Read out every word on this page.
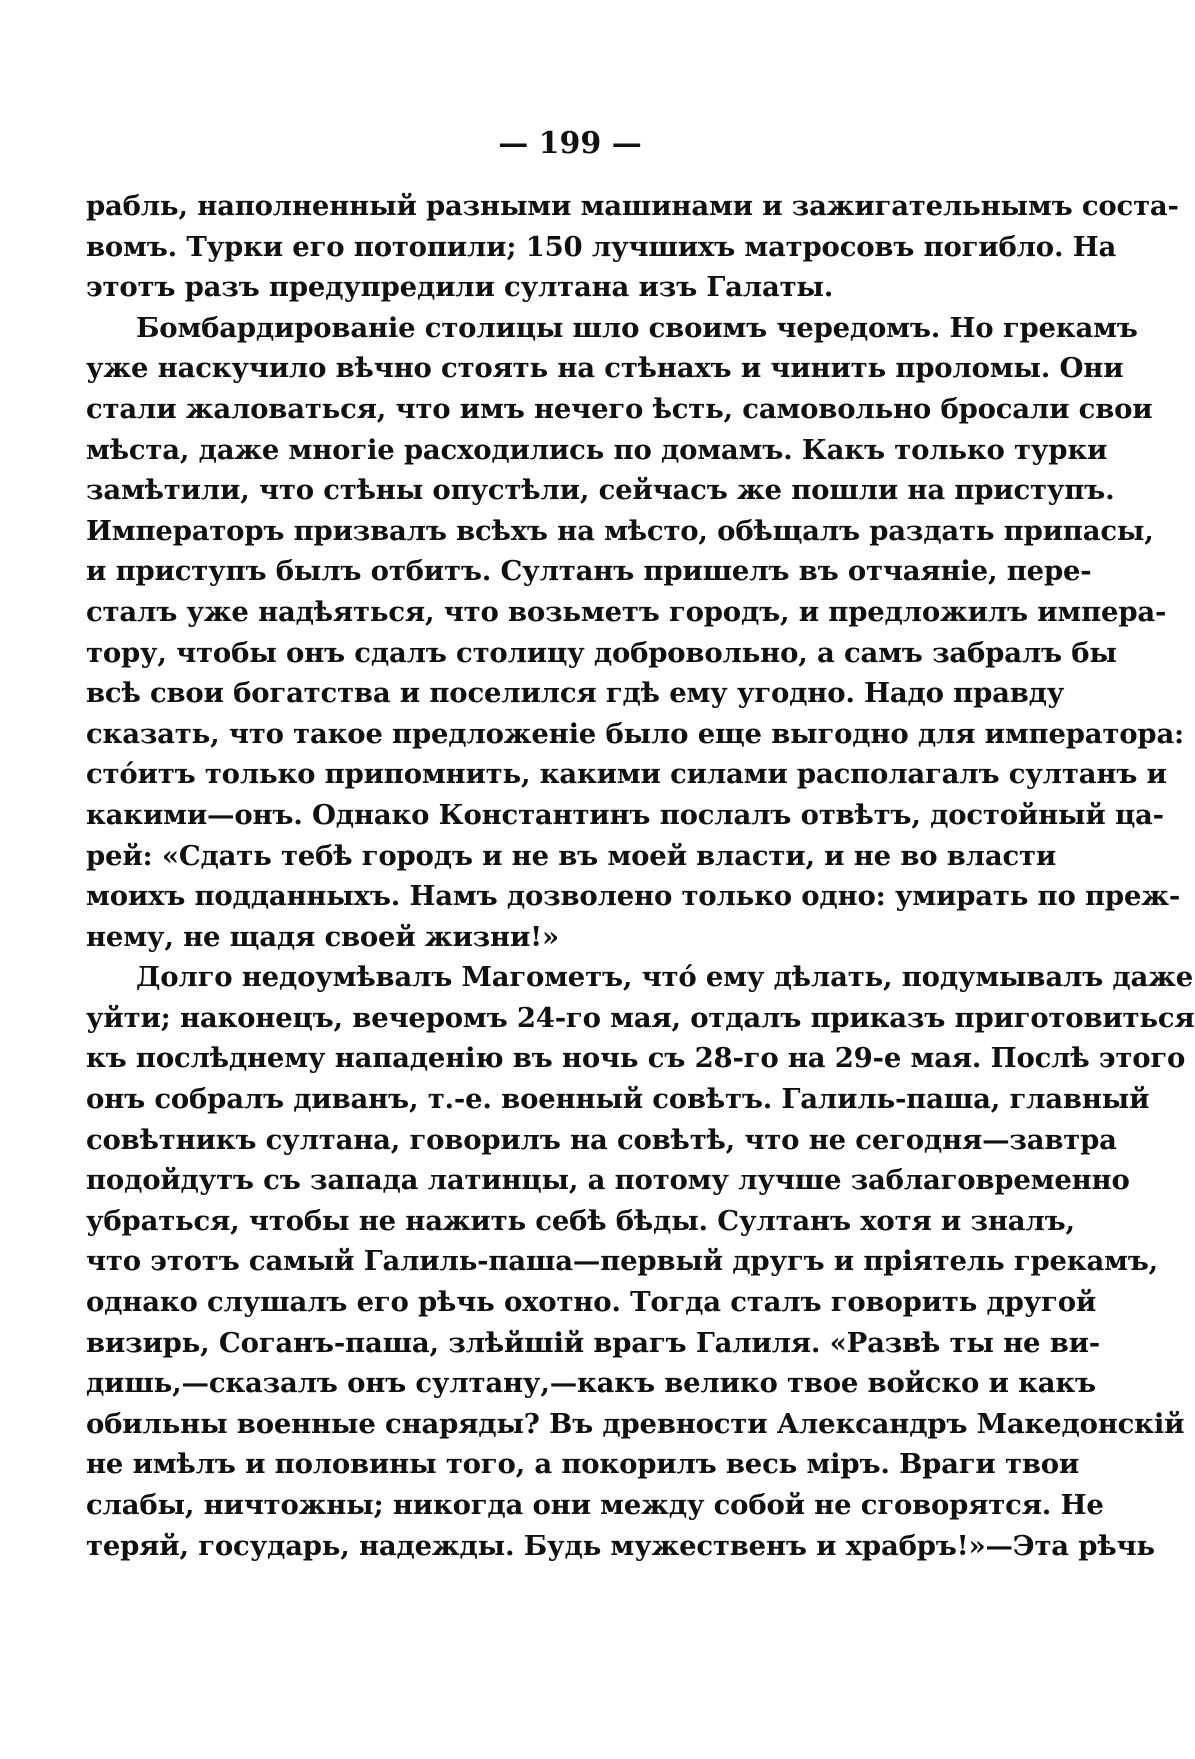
— 199 —
рабль, наполненный разными машинами и зажигательнымъ соста-
вомъ. Турки его потопили; 150 лучшихъ матросовъ погибло. На
этотъ разъ предупредили султана изъ Галаты.
Бомбардированіе столицы шло своимъ чередомъ. Но грекамъ
уже наскучило вѣчно стоять на стѣнахъ и чинить проломы. Они
стали жаловаться, что имъ нечего ѣсть, самовольно бросали свои
мѣста, даже многіе расходились по домамъ. Какъ только турки
замѣтили, что стѣны опустѣли, сейчасъ же пошли на приступъ.
Императоръ призвалъ всѣхъ на мѣсто, обѣщалъ раздать припасы,
и приступъ былъ отбитъ. Султанъ пришелъ въ отчаяніе, пере-
сталъ уже надѣяться, что возьметъ городъ, и предложилъ импера-
тору, чтобы онъ сдалъ столицу добровольно, а самъ забралъ бы
всѣ свои богатства и поселился гдѣ ему угодно. Надо правду
сказать, что такое предложеніе было еще выгодно для императора:
стóитъ только припомнить, какими силами располагалъ султанъ и
какими—онъ. Однако Константинъ послалъ отвѣтъ, достойный ца-
рей: «Сдать тебѣ городъ и не въ моей власти, и не во власти
моихъ подданныхъ. Намъ дозволено только одно: умирать по преж-
нему, не щадя своей жизни!»
Долго недоумѣвалъ Магометъ, чтó ему дѣлать, подумывалъ даже
уйти; наконецъ, вечеромъ 24-го мая, отдалъ приказъ приготовиться
къ послѣднему нападенію въ ночь съ 28-го на 29-е мая. Послѣ этого
онъ собралъ диванъ, т.-е. военный совѣтъ. Галиль-паша, главный
совѣтникъ султана, говорилъ на совѣтѣ, что не сегодня—завтра
подойдутъ съ запада латинцы, а потому лучше заблаговременно
убраться, чтобы не нажить себѣ бѣды. Султанъ хотя и зналъ,
что этотъ самый Галиль-паша—первый другъ и пріятель грекамъ,
однако слушалъ его рѣчь охотно. Тогда сталъ говорить другой
визирь, Соганъ-паша, злѣйшій врагъ Галиля. «Развѣ ты не ви-
дишь,—сказалъ онъ султану,—какъ велико твое войско и какъ
обильны военные снаряды? Въ древности Александръ Македонскій
не имѣлъ и половины того, а покорилъ весь міръ. Враги твои
слабы, ничтожны; никогда они между собой не сговорятся. Не
теряй, государь, надежды. Будь мужественъ и храбръ!»—Эта рѣчь
